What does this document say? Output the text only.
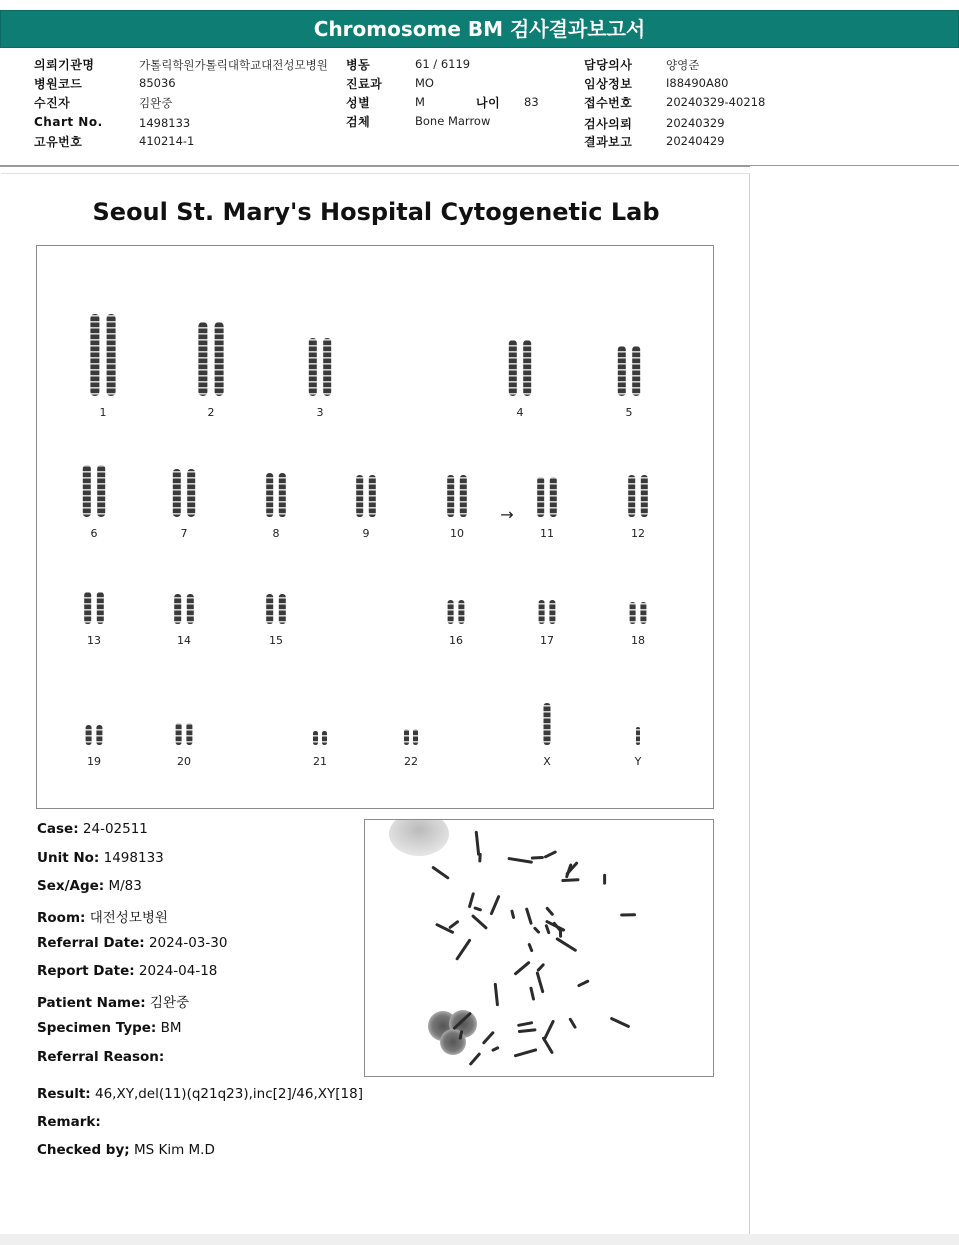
Chromosome BM 검사결과보고서
의뢰기관명	가톨릭학원가톨릭대학교대전성모병원 병동	61 / 6119	담당의사	양영준
병원코드	85036	진료과	MO	임상정보	I88490A80
수진자	김완중	성별	M	나이 83	접수번호	20240329-40218
Chart No.	1498133	검체	Bone Marrow	검사의뢰	20240329
고유번호	410214-1	결과보고	20240429
Seoul St. Mary's Hospital Cytogenetic Lab
→
1	2	3	4	5
6	7	8	9	10	11	12
13	14	15	16	17	18
19	20	21	22	X	Y
Case: 24-02511
Unit No: 1498133
Sex/Age: M/83
Room: 대전성모병원
Referral Date: 2024-03-30
Report Date: 2024-04-18
Patient Name: 김완중
Specimen Type: BM
Referral Reason:
Result: 46,XY,del(11)(q21q23),inc[2]/46,XY[18]
Remark:
Checked by; MS Kim M.D
